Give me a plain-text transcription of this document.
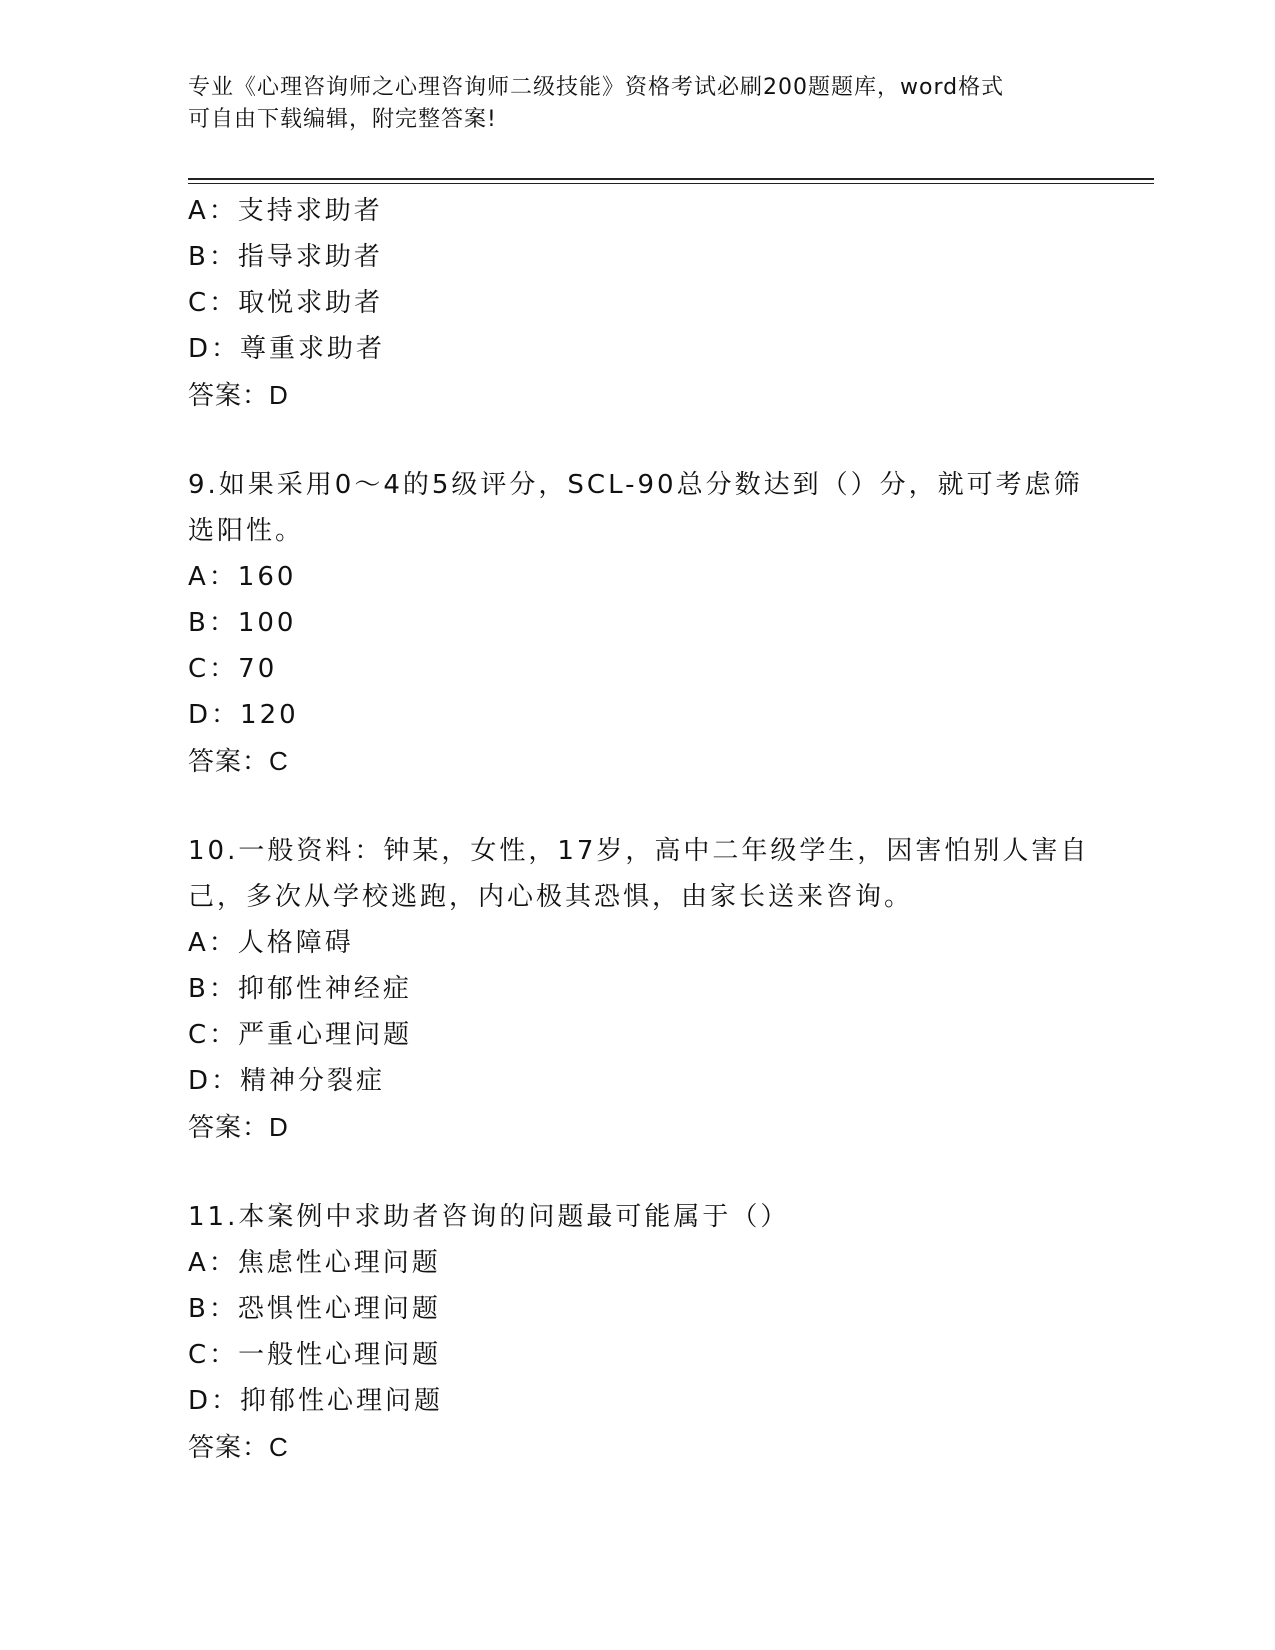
专业《心理咨询师之心理咨询师二级技能》资格考试必刷200题题库，word格式
可自由下载编辑，附完整答案!
A：支持求助者
B：指导求助者
C：取悦求助者
D：尊重求助者
答案：D
9.如果采用0～4的5级评分，SCL-90总分数达到（）分，就可考虑筛
选阳性。
A：160
B：100
C：70
D：120
答案：C
10.一般资料：钟某，女性，17岁，高中二年级学生，因害怕别人害自
己，多次从学校逃跑，内心极其恐惧，由家长送来咨询。
A：人格障碍
B：抑郁性神经症
C：严重心理问题
D：精神分裂症
答案：D
11.本案例中求助者咨询的问题最可能属于（）
A：焦虑性心理问题
B：恐惧性心理问题
C：一般性心理问题
D：抑郁性心理问题
答案：C
